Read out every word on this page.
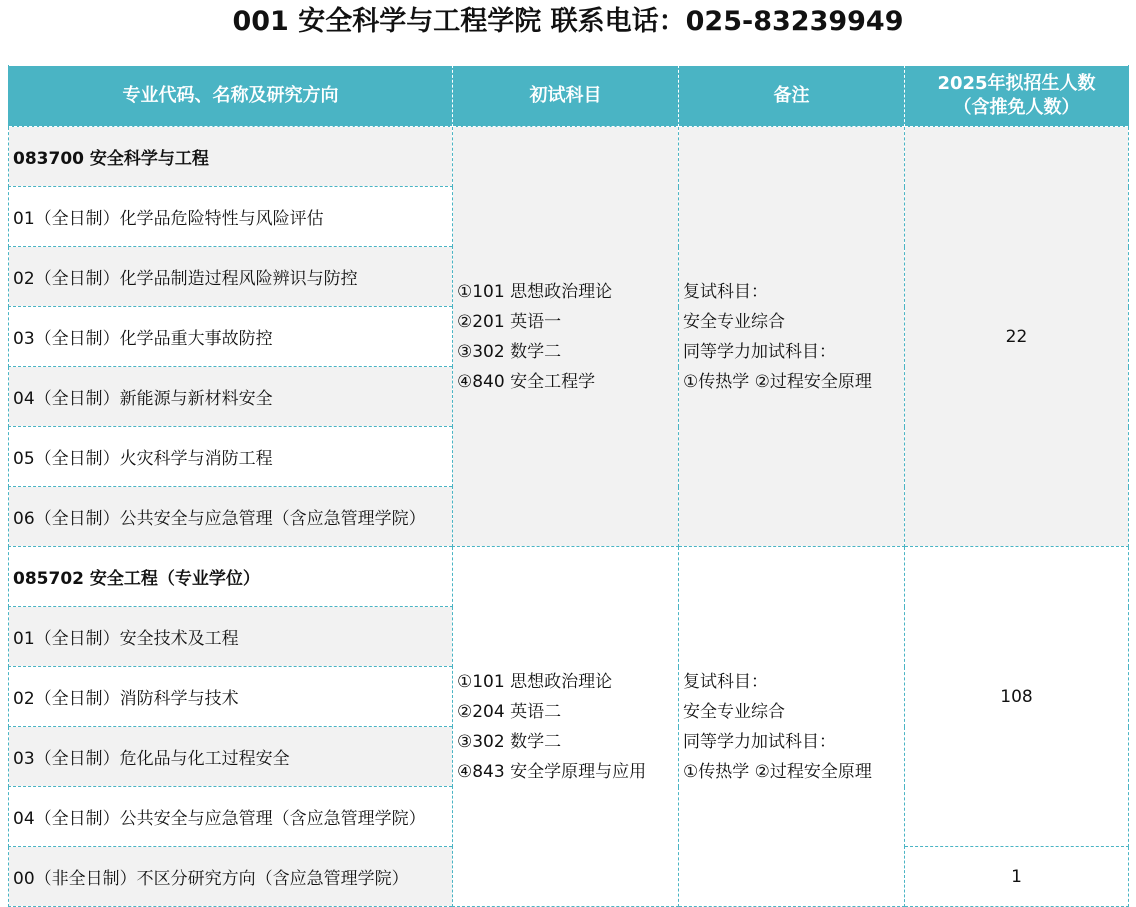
001 安全科学与工程学院 联系电话：025-83239949
专业代码、名称及研究方向	初试科目	备注	2025年拟招生人数
（含推免人数）

083700 安全科学与工程	①101 思想政治理论
②201 英语一
③302 数学二
④840 安全工程学	复试科目：
安全专业综合
同等学力加试科目：
①传热学 ②过程安全原理	22
01（全日制）化学品危险特性与风险评估			
02（全日制）化学品制造过程风险辨识与防控			
03（全日制）化学品重大事故防控			
04（全日制）新能源与新材料安全			
05（全日制）火灾科学与消防工程			
06（全日制）公共安全与应急管理（含应急管理学院）			
085702 安全工程（专业学位）	①101 思想政治理论
②204 英语二
③302 数学二
④843 安全学原理与应用	复试科目：
安全专业综合
同等学力加试科目：
①传热学 ②过程安全原理	108
01（全日制）安全技术及工程			
02（全日制）消防科学与技术			
03（全日制）危化品与化工过程安全			
04（全日制）公共安全与应急管理（含应急管理学院）			
00（非全日制）不区分研究方向（含应急管理学院）			1
